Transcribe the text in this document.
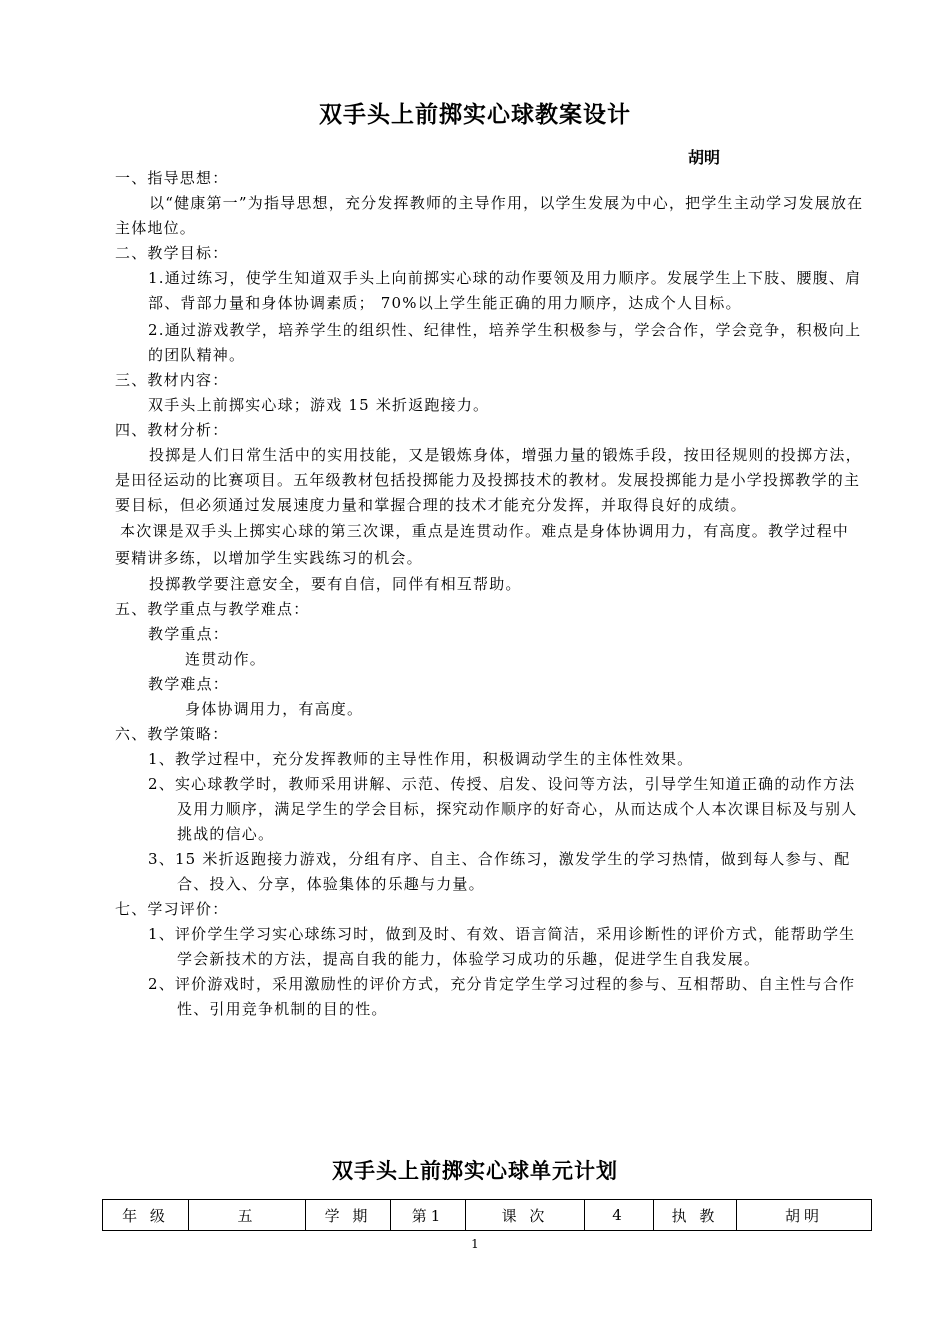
双手头上前掷实心球教案设计
胡明

一、指导思想：

以“健康第一”为指导思想，充分发挥教师的主导作用，以学生发展为中心，把学生主动学习发展放在主体地位。

二、教学目标：

1.通过练习，使学生知道双手头上向前掷实心球的动作要领及用力顺序。发展学生上下肢、腰腹、肩部、背部力量和身体协调素质； 70%以上学生能正确的用力顺序，达成个人目标。

2.通过游戏教学，培养学生的组织性、纪律性，培养学生积极参与，学会合作，学会竞争，积极向上的团队精神。

三、教材内容：

双手头上前掷实心球；游戏 15 米折返跑接力。

四、教材分析：

投掷是人们日常生活中的实用技能，又是锻炼身体，增强力量的锻炼手段，按田径规则的投掷方法，是田径运动的比赛项目。五年级教材包括投掷能力及投掷技术的教材。发展投掷能力是小学投掷教学的主要目标，但必须通过发展速度力量和掌握合理的技术才能充分发挥，并取得良好的成绩。

本次课是双手头上掷实心球的第三次课，重点是连贯动作。难点是身体协调用力，有高度。教学过程中要精讲多练，以增加学生实践练习的机会。

投掷教学要注意安全，要有自信，同伴有相互帮助。

五、教学重点与教学难点：

教学重点：

连贯动作。

教学难点：

身体协调用力，有高度。

六、教学策略：

1、教学过程中，充分发挥教师的主导性作用，积极调动学生的主体性效果。

2、实心球教学时，教师采用讲解、示范、传授、启发、设问等方法，引导学生知道正确的动作方法及用力顺序，满足学生的学会目标，探究动作顺序的好奇心，从而达成个人本次课目标及与别人挑战的信心。

3、15 米折返跑接力游戏，分组有序、自主、合作练习，激发学生的学习热情，做到每人参与、配合、投入、分享，体验集体的乐趣与力量。

七、学习评价：

1、评价学生学习实心球练习时，做到及时、有效、语言简洁，采用诊断性的评价方式，能帮助学生学会新技术的方法，提高自我的能力，体验学习成功的乐趣，促进学生自我发展。

2、评价游戏时，采用激励性的评价方式，充分肯定学生学习过程的参与、互相帮助、自主性与合作性、引用竞争机制的目的性。

双手头上前掷实心球单元计划
年 级	五	学 期	第1	课 次	4	执 教	胡明
1
